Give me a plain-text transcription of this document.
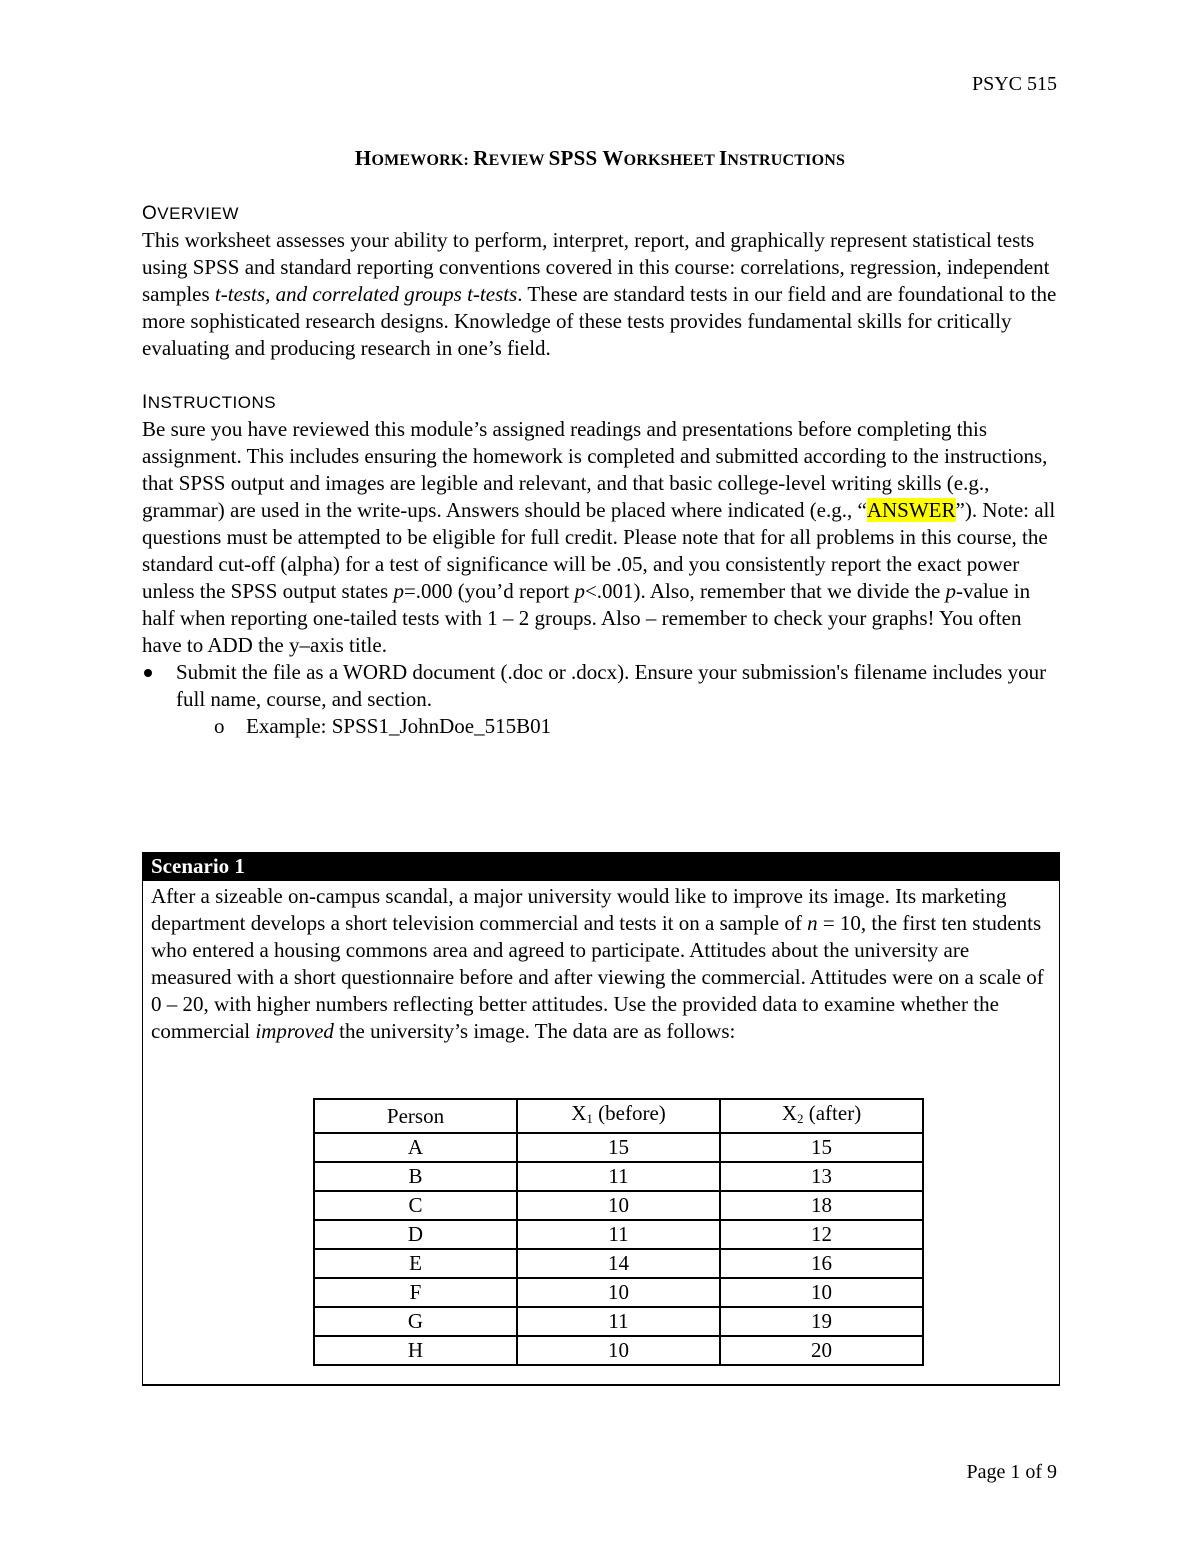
PSYC 515
HOMEWORK: REVIEW SPSS WORKSHEET INSTRUCTIONS
OVERVIEW

This worksheet assesses your ability to perform, interpret, report, and graphically represent statistical tests using SPSS and standard reporting conventions covered in this course: correlations, regression, independent samples t-tests, and correlated groups t-tests. These are standard tests in our field and are foundational to the more sophisticated research designs. Knowledge of these tests provides fundamental skills for critically evaluating and producing research in one’s field.

INSTRUCTIONS

Be sure you have reviewed this module’s assigned readings and presentations before completing this assignment. This includes ensuring the homework is completed and submitted according to the instructions, that SPSS output and images are legible and relevant, and that basic college-level writing skills (e.g., grammar) are used in the write-ups. Answers should be placed where indicated (e.g., “ANSWER”). Note: all questions must be attempted to be eligible for full credit. Please note that for all problems in this course, the standard cut-off (alpha) for a test of significance will be .05, and you consistently report the exact power unless the SPSS output states p=.000 (you’d report p<.001). Also, remember that we divide the p-value in half when reporting one-tailed tests with 1 – 2 groups. Also – remember to check your graphs! You often have to ADD the y–axis title.

Submit the file as a WORD document (.doc or .docx). Ensure your submission's filename includes your full name, course, and section.
o Example: SPSS1_JohnDoe_515B01
Scenario 1
After a sizeable on-campus scandal, a major university would like to improve its image. Its marketing department develops a short television commercial and tests it on a sample of n = 10, the first ten students who entered a housing commons area and agreed to participate. Attitudes about the university are measured with a short questionnaire before and after viewing the commercial. Attitudes were on a scale of 0 – 20, with higher numbers reflecting better attitudes. Use the provided data to examine whether the commercial improved the university’s image. The data are as follows:
Person	$X_1$ (before)	$X_2$ (after)
A	15	15
B	11	13
C	10	18
D	11	12
E	14	16
F	10	10
G	11	19
H	10	20
Page 1 of 9
